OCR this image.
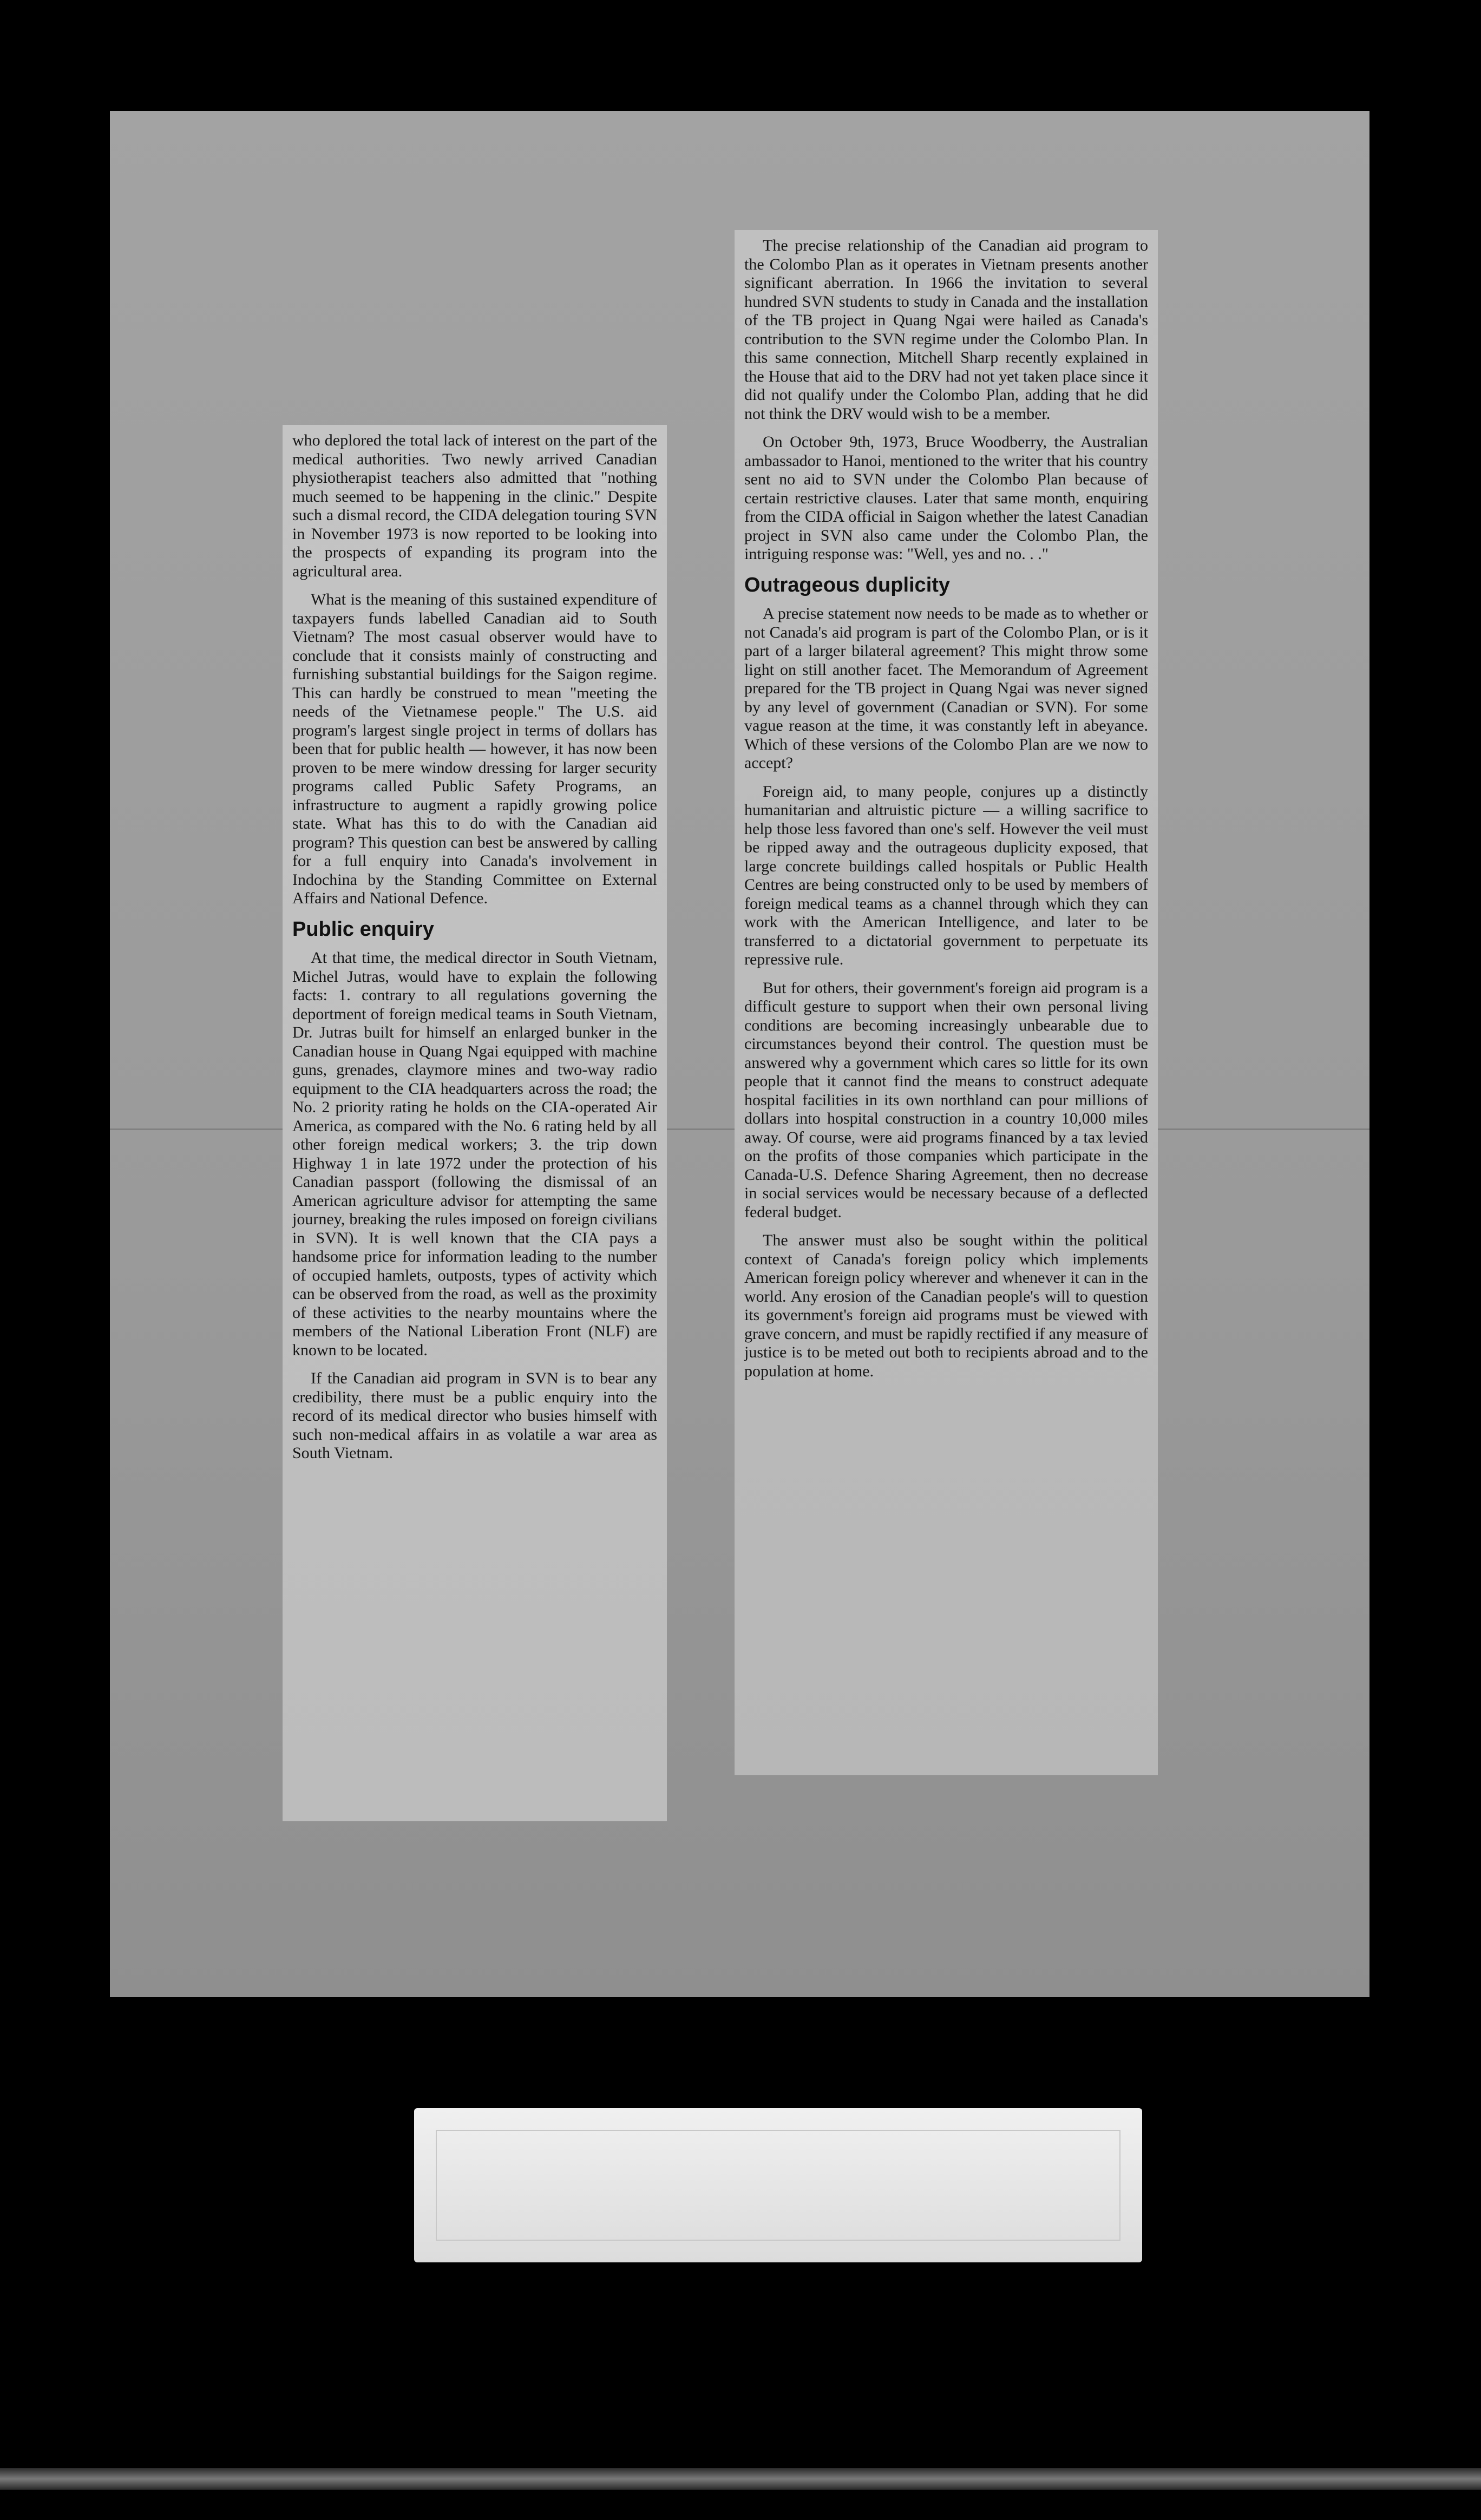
who deplored the total lack of interest on the part of the medical authorities. Two newly arrived Canadian physiotherapist teachers also admitted that "nothing much seemed to be happening in the clinic." Despite such a dismal record, the CIDA delegation touring SVN in November 1973 is now reported to be looking into the prospects of expanding its program into the agricultural area.

What is the meaning of this sustained expenditure of taxpayers funds labelled Canadian aid to South Vietnam? The most casual observer would have to conclude that it consists mainly of constructing and furnishing substantial buildings for the Saigon regime. This can hardly be construed to mean "meeting the needs of the Vietnamese people." The U.S. aid program's largest single project in terms of dollars has been that for public health — however, it has now been proven to be mere window dressing for larger security programs called Public Safety Programs, an infrastructure to augment a rapidly growing police state. What has this to do with the Canadian aid program? This question can best be answered by calling for a full enquiry into Canada's involvement in Indochina by the Standing Committee on External Affairs and National Defence.

Public enquiry

At that time, the medical director in South Vietnam, Michel Jutras, would have to explain the following facts: 1. contrary to all regulations governing the deportment of foreign medical teams in South Vietnam, Dr. Jutras built for himself an enlarged bunker in the Canadian house in Quang Ngai equipped with machine guns, grenades, claymore mines and two-way radio equipment to the CIA headquarters across the road; the No. 2 priority rating he holds on the CIA-operated Air America, as compared with the No. 6 rating held by all other foreign medical workers; 3. the trip down Highway 1 in late 1972 under the protection of his Canadian passport (following the dismissal of an American agriculture advisor for attempting the same journey, breaking the rules imposed on foreign civilians in SVN). It is well known that the CIA pays a handsome price for information leading to the number of occupied hamlets, outposts, types of activity which can be observed from the road, as well as the proximity of these activities to the nearby mountains where the members of the National Liberation Front (NLF) are known to be located.

If the Canadian aid program in SVN is to bear any credibility, there must be a public enquiry into the record of its medical director who busies himself with such non-medical affairs in as volatile a war area as South Vietnam.

The precise relationship of the Canadian aid program to the Colombo Plan as it operates in Vietnam presents another significant aberration. In 1966 the invitation to several hundred SVN students to study in Canada and the installation of the TB project in Quang Ngai were hailed as Canada's contribution to the SVN regime under the Colombo Plan. In this same connection, Mitchell Sharp recently explained in the House that aid to the DRV had not yet taken place since it did not qualify under the Colombo Plan, adding that he did not think the DRV would wish to be a member.

On October 9th, 1973, Bruce Woodberry, the Australian ambassador to Hanoi, mentioned to the writer that his country sent no aid to SVN under the Colombo Plan because of certain restrictive clauses. Later that same month, enquiring from the CIDA official in Saigon whether the latest Canadian project in SVN also came under the Colombo Plan, the intriguing response was: "Well, yes and no. . ."

Outrageous duplicity

A precise statement now needs to be made as to whether or not Canada's aid program is part of the Colombo Plan, or is it part of a larger bilateral agreement? This might throw some light on still another facet. The Memorandum of Agreement prepared for the TB project in Quang Ngai was never signed by any level of government (Canadian or SVN). For some vague reason at the time, it was constantly left in abeyance. Which of these versions of the Colombo Plan are we now to accept?

Foreign aid, to many people, conjures up a distinctly humanitarian and altruistic picture — a willing sacrifice to help those less favored than one's self. However the veil must be ripped away and the outrageous duplicity exposed, that large concrete buildings called hospitals or Public Health Centres are being constructed only to be used by members of foreign medical teams as a channel through which they can work with the American Intelligence, and later to be transferred to a dictatorial government to perpetuate its repressive rule.

But for others, their government's foreign aid program is a difficult gesture to support when their own personal living conditions are becoming increasingly unbearable due to circumstances beyond their control. The question must be answered why a government which cares so little for its own people that it cannot find the means to construct adequate hospital facilities in its own northland can pour millions of dollars into hospital construction in a country 10,000 miles away. Of course, were aid programs financed by a tax levied on the profits of those companies which participate in the Canada-U.S. Defence Sharing Agreement, then no decrease in social services would be necessary because of a deflected federal budget.

The answer must also be sought within the political context of Canada's foreign policy which implements American foreign policy wherever and whenever it can in the world. Any erosion of the Canadian people's will to question its government's foreign aid programs must be viewed with grave concern, and must be rapidly rectified if any measure of justice is to be meted out both to recipients abroad and to the population at home.
